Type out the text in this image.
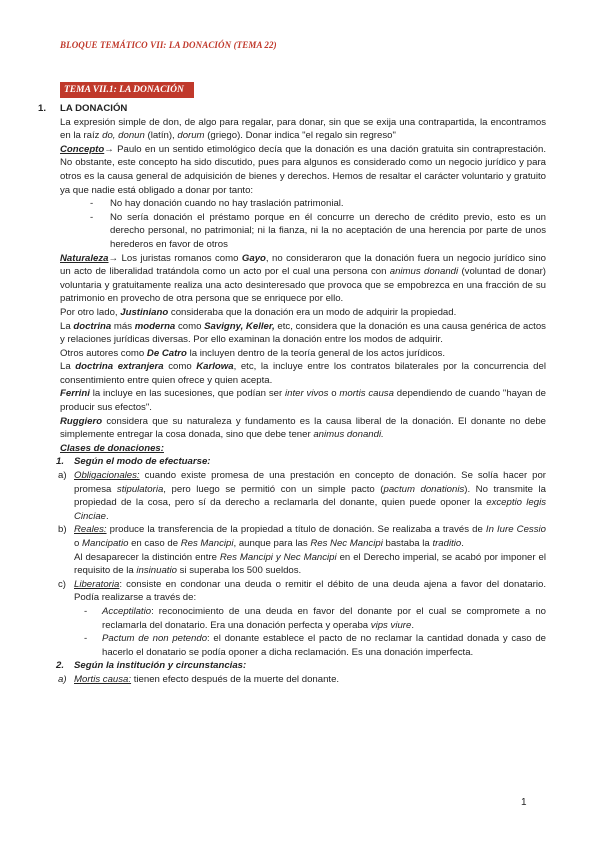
BLOQUE TEMÁTICO VII: LA DONACIÓN (TEMA 22)
TEMA VII.1: LA DONACIÓN

1. LA DONACIÓN

La expresión simple de don, de algo para regalar, para donar, sin que se exija una contrapartida, la encontramos en la raíz do, donun (latín), dorum (griego). Donar indica "el regalo sin regreso"

Concepto→ Paulo en un sentido etimológico decía que la donación es una dación gratuita sin contraprestación. No obstante, este concepto ha sido discutido, pues para algunos es considerado como un negocio jurídico y para otros es la causa general de adquisición de bienes y derechos. Hemos de resaltar el carácter voluntario y gratuito ya que nadie está obligado a donar por tanto:

- No hay donación cuando no hay traslación patrimonial.

- No sería donación el préstamo porque en él concurre un derecho de crédito previo, esto es un derecho personal, no patrimonial; ni la fianza, ni la no aceptación de una herencia por parte de unos herederos en favor de otros

Naturaleza→ Los juristas romanos como Gayo, no consideraron que la donación fuera un negocio jurídico sino un acto de liberalidad tratándola como un acto por el cual una persona con animus donandi (voluntad de donar) voluntaria y gratuitamente realiza una acto desinteresado que provoca que se empobrezca en una fracción de su patrimonio en provecho de otra persona que se enriquece por ello.

Por otro lado, Justiniano consideraba que la donación era un modo de adquirir la propiedad.

La doctrina más moderna como Savigny, Keller, etc, considera que la donación es una causa genérica de actos y relaciones jurídicas diversas. Por ello examinan la donación entre los modos de adquirir.

Otros autores como De Catro la incluyen dentro de la teoría general de los actos jurídicos.

La doctrina extranjera como Karlowa, etc, la incluye entre los contratos bilaterales por la concurrencia del consentimiento entre quien ofrece y quien acepta.

Ferrini la incluye en las sucesiones, que podían ser inter vivos o mortis causa dependiendo de cuando "hayan de producir sus efectos".

Ruggiero considera que su naturaleza y fundamento es la causa liberal de la donación. El donante no debe simplemente entregar la cosa donada, sino que debe tener animus donandi.

Clases de donaciones:

1. Según el modo de efectuarse:

a) Obligacionales: cuando existe promesa de una prestación en concepto de donación. Se solía hacer por promesa stipulatoria, pero luego se permitió con un simple pacto (pactum donationis). No transmite la propiedad de la cosa, pero sí da derecho a reclamarla del donante, quien puede oponer la exceptio legis Cinciae.

b) Reales: produce la transferencia de la propiedad a título de donación. Se realizaba a través de In Iure Cessio o Mancipatio en caso de Res Mancipi, aunque para las Res Nec Mancipi bastaba la traditio.

Al desaparecer la distinción entre Res Mancipi y Nec Mancipi en el Derecho imperial, se acabó por imponer el requisito de la insinuatio si superaba los 500 sueldos.

c) Liberatoria: consiste en condonar una deuda o remitir el débito de una deuda ajena a favor del donatario. Podía realizarse a través de:

- Acceptilatio: reconocimiento de una deuda en favor del donante por el cual se compromete a no reclamarla del donatario. Era una donación perfecta y operaba vips viure.

- Pactum de non petendo: el donante establece el pacto de no reclamar la cantidad donada y caso de hacerlo el donatario se podía oponer a dicha reclamación. Es una donación imperfecta.

2. Según la institución y circunstancias:

a) Mortis causa: tienen efecto después de la muerte del donante.

1
